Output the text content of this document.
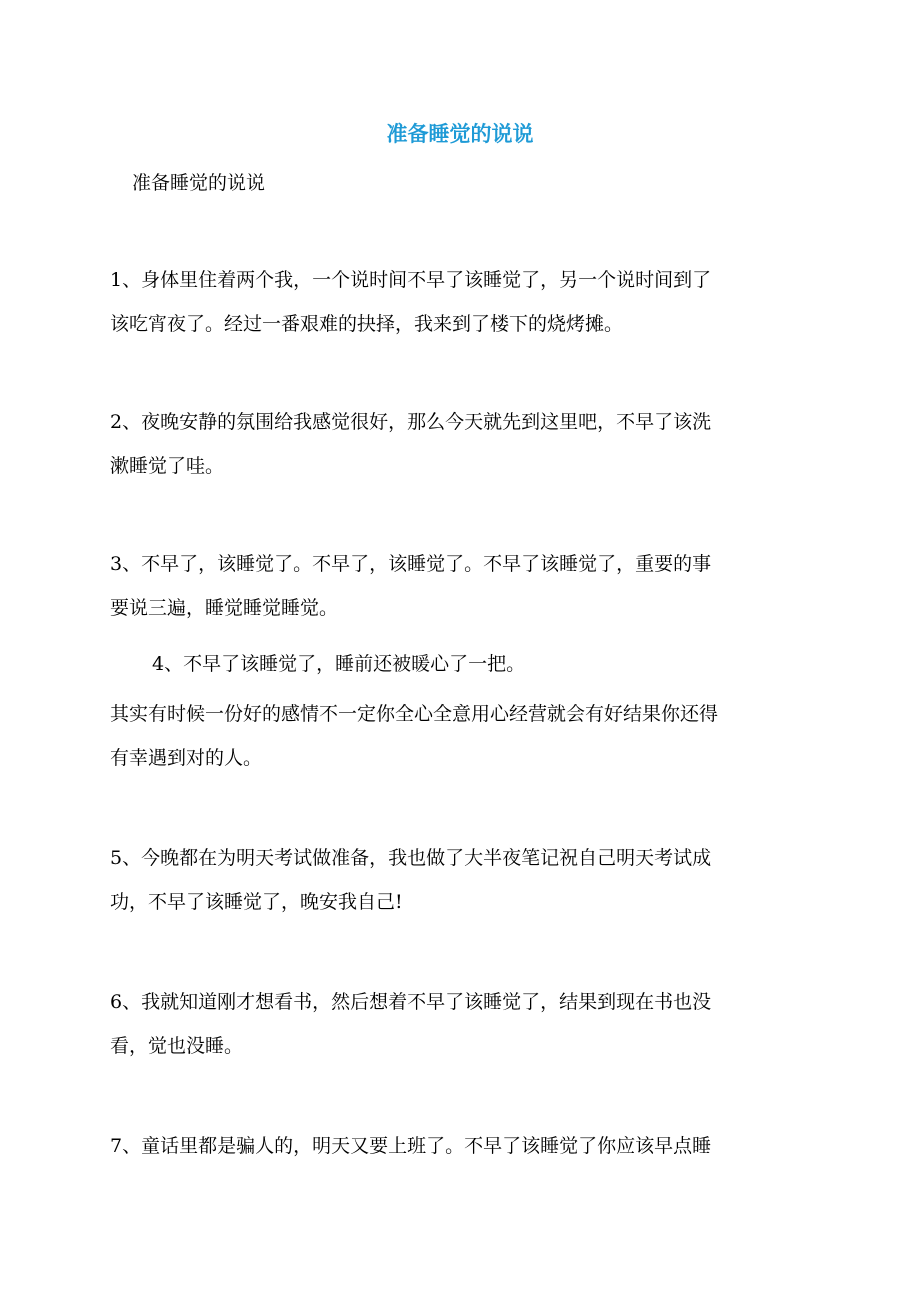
准备睡觉的说说
准备睡觉的说说
1、身体里住着两个我，一个说时间不早了该睡觉了，另一个说时间到了
该吃宵夜了。经过一番艰难的抉择，我来到了楼下的烧烤摊。
2、夜晚安静的氛围给我感觉很好，那么今天就先到这里吧，不早了该洗
漱睡觉了哇。
3、不早了，该睡觉了。不早了，该睡觉了。不早了该睡觉了，重要的事
要说三遍，睡觉睡觉睡觉。
4、不早了该睡觉了，睡前还被暖心了一把。
其实有时候一份好的感情不一定你全心全意用心经营就会有好结果你还得
有幸遇到对的人。
5、今晚都在为明天考试做准备，我也做了大半夜笔记祝自己明天考试成
功，不早了该睡觉了，晚安我自己!
6、我就知道刚才想看书，然后想着不早了该睡觉了，结果到现在书也没
看，觉也没睡。
7、童话里都是骗人的，明天又要上班了。不早了该睡觉了你应该早点睡
